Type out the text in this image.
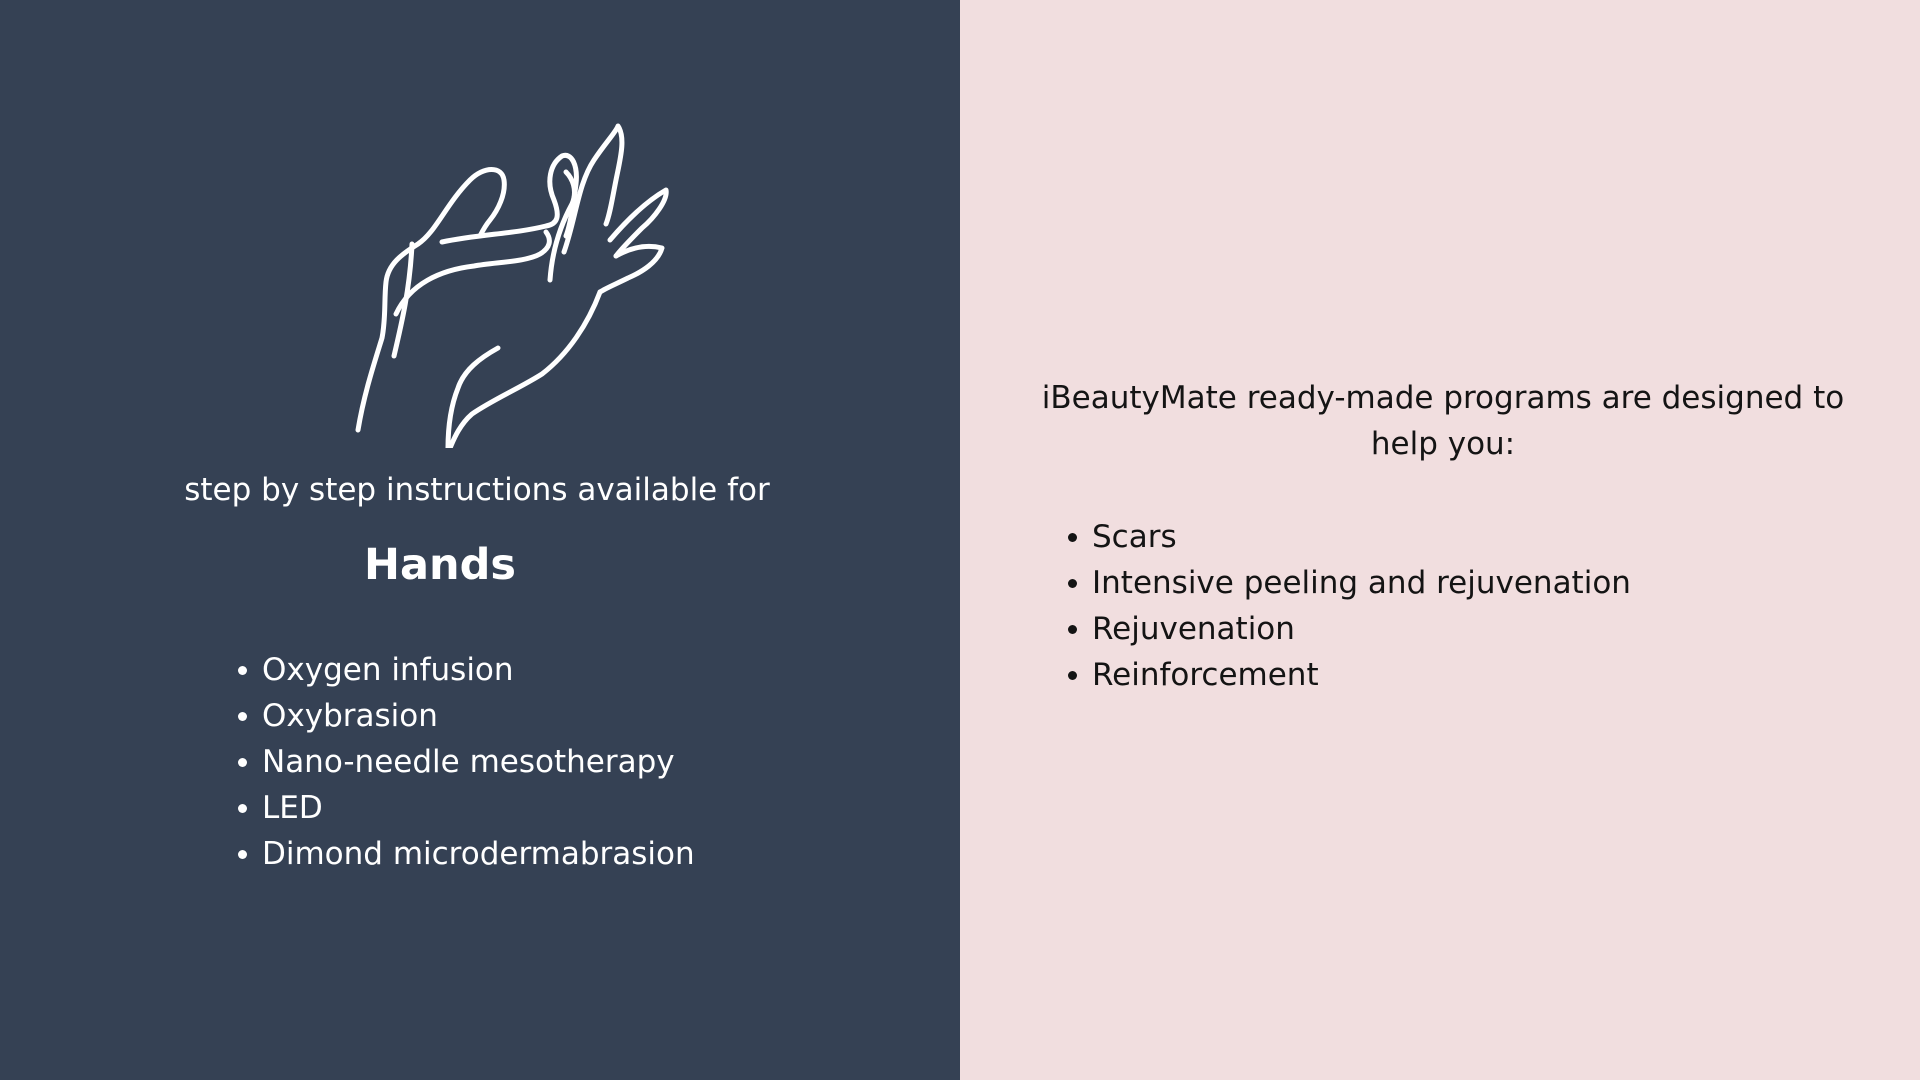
step by step instructions available for
Hands
Oxygen infusion
Oxybrasion
Nano-needle mesotherapy
LED
Dimond microdermabrasion
iBeautyMate ready-made programs are designed to
help you:
Scars
Intensive peeling and rejuvenation
Rejuvenation
Reinforcement
